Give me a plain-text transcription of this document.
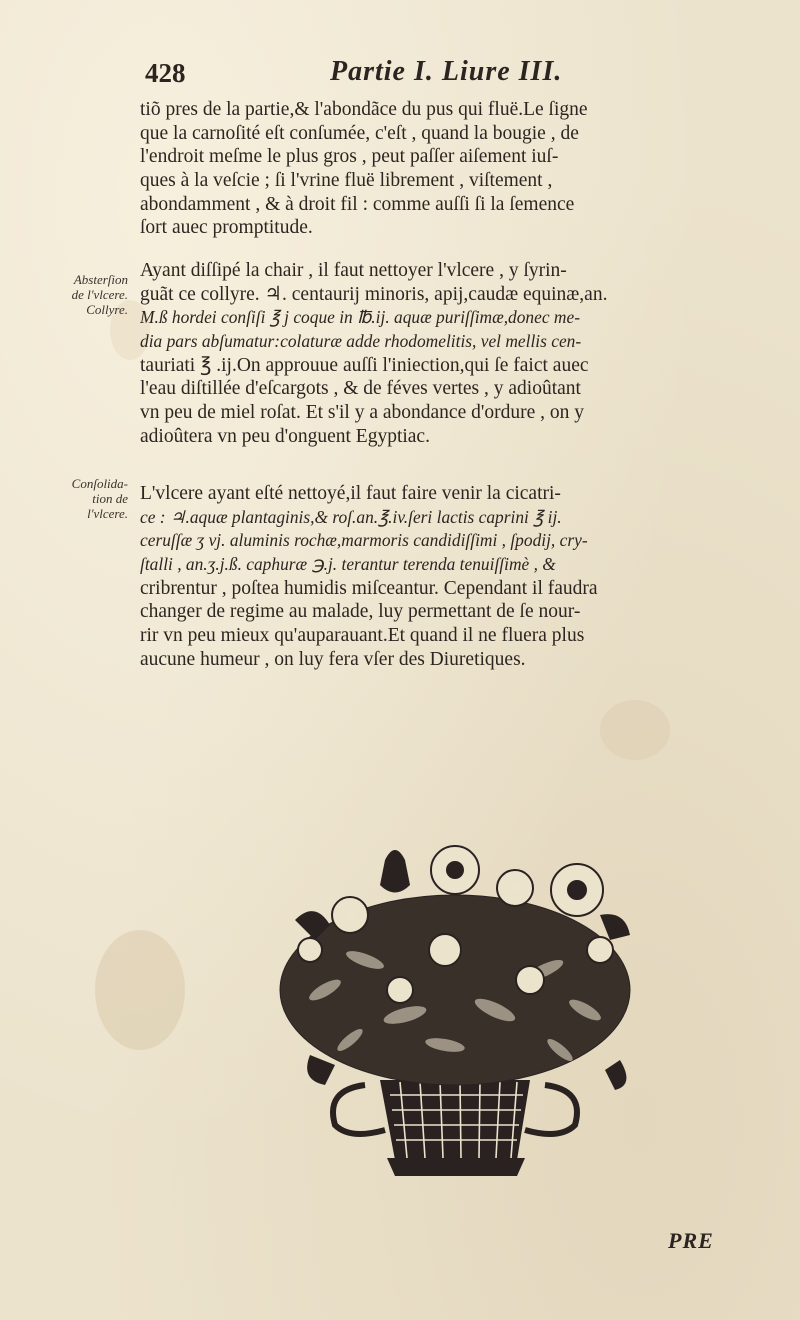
428	Partie I. Liure III.
tiõ pres de la partie,& l'abondãce du pus qui fluë.Le ſigne
que la carnoſité eſt conſumée, c'eſt , quand la bougie , de
l'endroit meſme le plus gros , peut paſſer aiſement iuſ-
ques à la veſcie ; ſi l'vrine fluë librement , viſtement ,
abondamment , & à droit fil : comme auſſi ſi la ſemence
ſort auec promptitude.
Absterſion
de l'vlcere.
Collyre.
Ayant diſſipé la chair , il faut nettoyer l'vlcere , y ſyrin-
guãt ce collyre. ♃. centaurij minoris, apij,caudæ equinæ,an.
M.ß hordei conſiſi ℥ j coque in ℔.ij. aquæ puriſſimæ,donec me-
dia pars abſumatur:colaturæ adde rhodomelitis, vel mellis cen-
tauriati ℥ .ij.On approuue auſſi l'iniection,qui ſe faict auec
l'eau diſtillée d'eſcargots , & de féves vertes , y adioûtant
vn peu de miel roſat. Et s'il y a abondance d'ordure , on y
adioûtera vn peu d'onguent Egyptiac.
Conſolida-
tion de
l'vlcere.
L'vlcere ayant eſté nettoyé,il faut faire venir la cicatri-
ce : ♃.aquæ plantaginis,& roſ.an.℥.iv.ſeri lactis caprini ℥ ij.
ceruſſæ ʒ vj. aluminis rochæ,marmoris candidiſſimi , ſpodij, cry-
ſtalli , an.ʒ.j.ß. caphuræ ℈.j. terantur terenda tenuiſſimè , &
cribrentur , poſtea humidis miſceantur. Cependant il faudra
changer de regime au malade, luy permettant de ſe nour-
rir vn peu mieux qu'auparauant.Et quand il ne fluera plus
aucune humeur , on luy fera vſer des Diuretiques.
PRE
